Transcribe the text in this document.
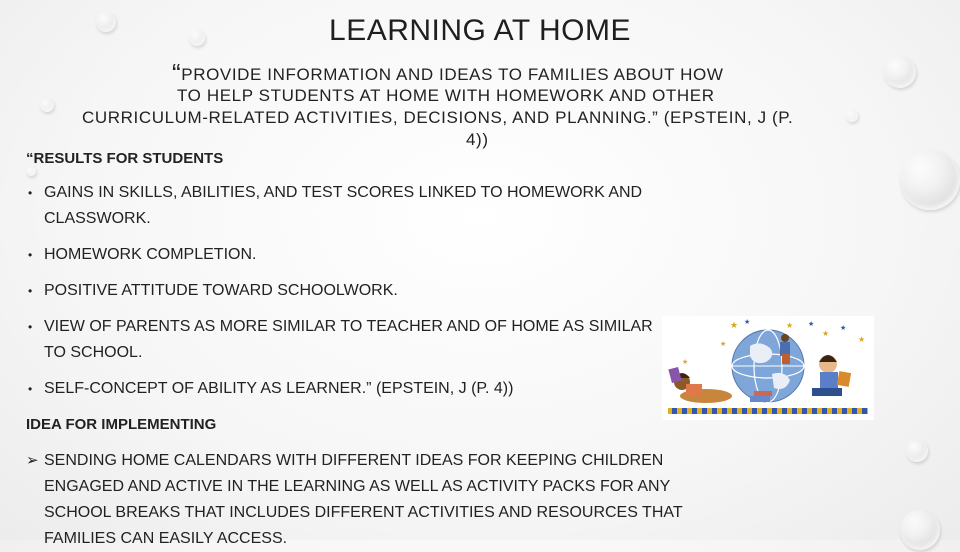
LEARNING AT HOME
“PROVIDE INFORMATION AND IDEAS TO FAMILIES ABOUT HOW
TO HELP STUDENTS AT HOME WITH HOMEWORK AND OTHER
CURRICULUM-RELATED ACTIVITIES, DECISIONS, AND PLANNING.” (EPSTEIN, J (P.
4))
“RESULTS FOR STUDENTS
• GAINS IN SKILLS, ABILITIES, AND TEST SCORES LINKED TO HOMEWORK AND CLASSWORK.
• HOMEWORK COMPLETION.
• POSITIVE ATTITUDE TOWARD SCHOOLWORK.
• VIEW OF PARENTS AS MORE SIMILAR TO TEACHER AND OF HOME AS SIMILAR TO SCHOOL.
• SELF-CONCEPT OF ABILITY AS LEARNER.” (EPSTEIN, J (P. 4))
IDEA FOR IMPLEMENTING
➢ SENDING HOME CALENDARS WITH DIFFERENT IDEAS FOR KEEPING CHILDREN ENGAGED AND ACTIVE IN THE LEARNING AS WELL AS ACTIVITY PACKS FOR ANY SCHOOL BREAKS THAT INCLUDES DIFFERENT ACTIVITIES AND RESOURCES THAT FAMILIES CAN EASILY ACCESS.
★ ★	★ ★
★
★
★
★
★
